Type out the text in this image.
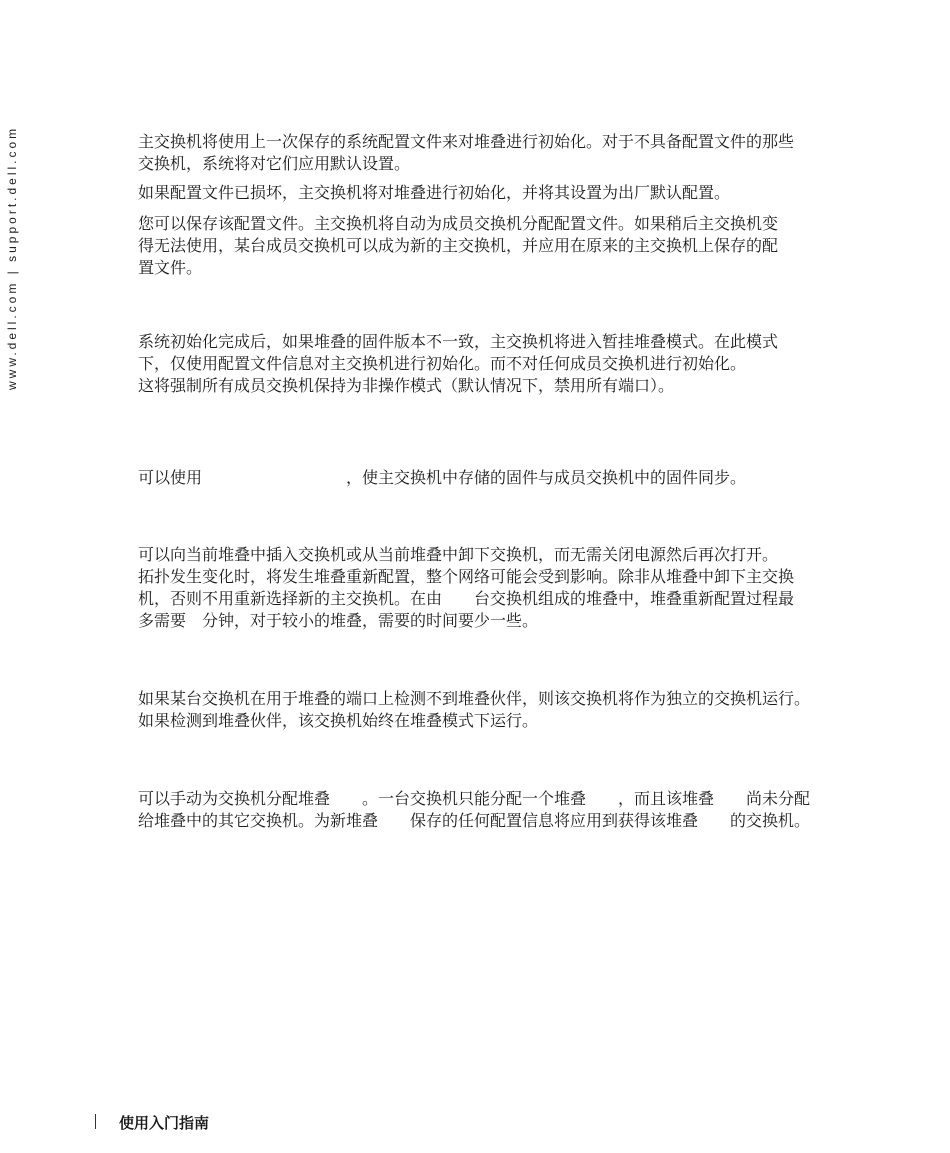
www.dell.com | support.dell.com	主交换机将使用上一次保存的系统配置文件来对堆叠进行初始化。对于不具备配置文件的那些
交换机，系统将对它们应用默认设置。
如果配置文件已损坏，主交换机将对堆叠进行初始化，并将其设置为出厂默认配置。
您可以保存该配置文件。主交换机将自动为成员交换机分配配置文件。如果稍后主交换机变
得无法使用，某台成员交换机可以成为新的主交换机，并应用在原来的主交换机上保存的配
置文件。
系统初始化完成后，如果堆叠的固件版本不一致，主交换机将进入暂挂堆叠模式。在此模式
下，仅使用配置文件信息对主交换机进行初始化。而不对任何成员交换机进行初始化。
这将强制所有成员交换机保持为非操作模式（默认情况下，禁用所有端口）。
可以使用　　　　　　　　　，使主交换机中存储的固件与成员交换机中的固件同步。
可以向当前堆叠中插入交换机或从当前堆叠中卸下交换机，而无需关闭电源然后再次打开。
拓扑发生变化时，将发生堆叠重新配置，整个网络可能会受到影响。除非从堆叠中卸下主交换
机，否则不用重新选择新的主交换机。在由　　台交换机组成的堆叠中，堆叠重新配置过程最
多需要　分钟，对于较小的堆叠，需要的时间要少一些。
如果某台交换机在用于堆叠的端口上检测不到堆叠伙伴，则该交换机将作为独立的交换机运行。
如果检测到堆叠伙伴，该交换机始终在堆叠模式下运行。
可以手动为交换机分配堆叠　　。一台交换机只能分配一个堆叠　　，而且该堆叠　　尚未分配
给堆叠中的其它交换机。为新堆叠　　保存的任何配置信息将应用到获得该堆叠　　的交换机。
使用入门指南
